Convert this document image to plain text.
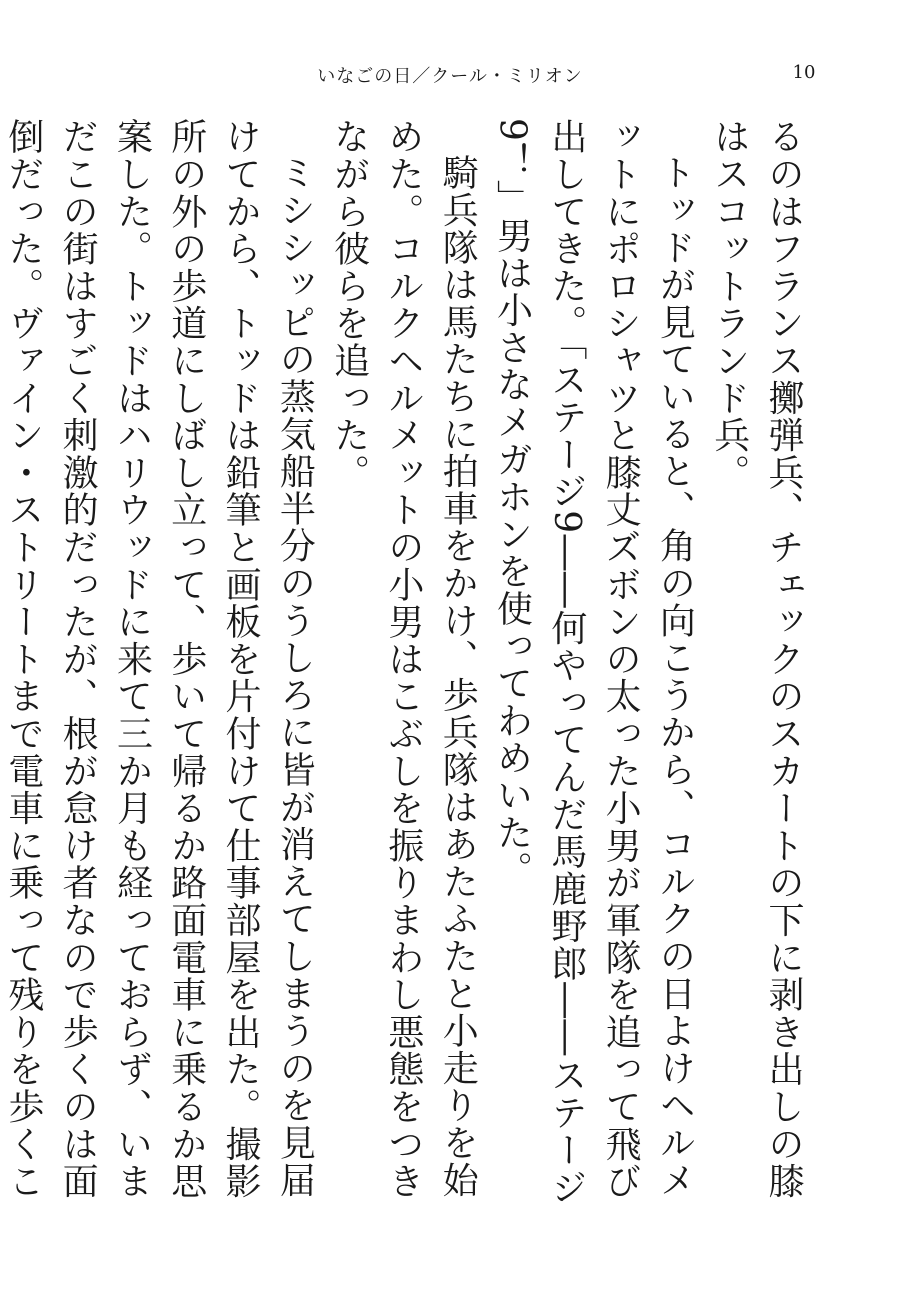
いなごの日／クール・ミリオン	10

るのはフランス擲弾兵、チェックのスカートの下に剥き出しの膝はスコットランド兵。

トッドが見ていると、角の向こうから、コルクの日よけヘルメットにポロシャツと膝丈ズボンの太った小男が軍隊を追って飛び出してきた。「ステージ9――何やってんだ馬鹿野郎――ステージ9！」男は小さなメガホンを使ってわめいた。

騎兵隊は馬たちに拍車をかけ、歩兵隊はあたふたと小走りを始めた。コルクヘルメットの小男はこぶしを振りまわし悪態をつきながら彼らを追った。

ミシシッピの蒸気船半分のうしろに皆が消えてしまうのを見届けてから、トッドは鉛筆と画板を片付けて仕事部屋を出た。撮影所の外の歩道にしばし立って、歩いて帰るか路面電車に乗るか思案した。トッドはハリウッドに来て三か月も経っておらず、いまだこの街はすごく刺激的だったが、根が怠け者なので歩くのは面倒だった。ヴァイン・ストリートまで電車に乗って残りを歩くこ
